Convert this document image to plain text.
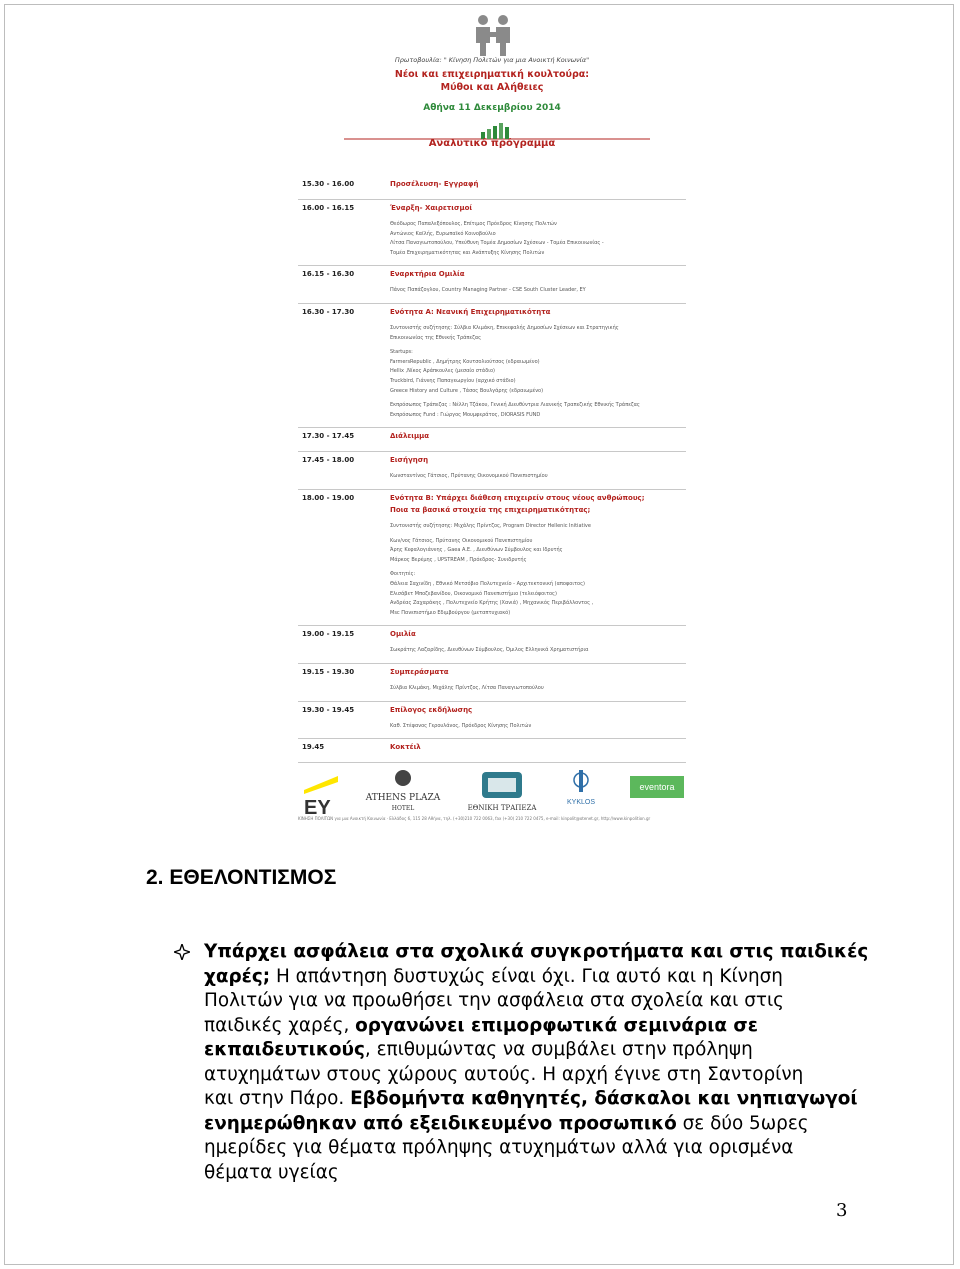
Πρωτοβουλία: " Κίνηση Πολιτών για μια Ανοικτή Κοινωνία"
Νέοι και επιχειρηματική κουλτούρα:
Μύθοι και Αλήθειες
Αθήνα 11 Δεκεμβρίου 2014
Αναλυτικό πρόγραμμα
15.30 - 16.00	Προσέλευση- Εγγραφή
16.00 - 16.15	Έναρξη- Χαιρετισμοί
Θεόδωρος Παπαλεξόπουλος, Επίτιμος Πρόεδρος Κίνησης Πολιτών
Αντώνιος Καϊλής, Ευρωπαϊκό Κοινοβούλιο
Λίτσα Παναγιωτοπούλου, Υπεύθυνη Τομέα Δημοσίων Σχέσεων - Τομέα Επικοινωνίας -
Τομέα Επιχειρηματικότητας και Ανάπτυξης Κίνησης Πολιτών
16.15 - 16.30	Εναρκτήρια Ομιλία
Πάνος Παπάζογλου, Country Managing Partner - CSE South Cluster Leader, EY
16.30 - 17.30	Ενότητα Α: Νεανική Επιχειρηματικότητα
Συντονιστής συζήτησης: Σύλβια Κλιμάκη, Επικεφαλής Δημοσίων Σχέσεων και Στρατηγικής
Επικοινωνίας της Εθνικής Τράπεζας
Startups:
FarmersRepublic , Δημήτρης Κουτσολιούτσος (εδραιωμένο)
Hellix ,Νίκος Αράπκουλες (μεσαίο στάδιο)
Truckbird, Γιάννης Παπαγεωργίου (αρχικό στάδιο)
Greece History and Culture , Τάσος Βουλγάρης (εδραιωμένο)
Εκπρόσωπος Τράπεζας : Νέλλη Τζάκου, Γενική Διευθύντρια Λιανικής Τραπεζικής Εθνικής Τράπεζας
Εκπρόσωπος Fund : Γιώργος Μουμφεράτος, DIORASIS FUND
17.30 - 17.45	Διάλειμμα
17.45 - 18.00	Εισήγηση
Κωνσταντίνος Γάτσιος, Πρύτανης Οικονομικού Πανεπιστημίου
18.00 - 19.00	Ενότητα Β: Υπάρχει διάθεση επιχειρείν στους νέους ανθρώπους;
Ποια τα βασικά στοιχεία της επιχειρηματικότητας;
Συντονιστής συζήτησης: Μιχάλης Πρίντζος, Program Director Hellenic Initiative
Κων/νος Γάτσιος, Πρύτανης Οικονομικού Πανεπιστημίου
Άρης Κεφαλογιάννης , Gaea A.E. , Διευθύνων Σύμβουλος και Ιδρυτής
Μάρκος Βερέμης , UPSTREAM , Πρόεδρος- Συνιδρυτής
Φοιτητές:
Θάλεια Σαχινίδη , Εθνικό Μετσόβιο Πολυτεχνείο - Αρχιτεκτονική (αποφοιτος)
Ελισάβετ Μποζεβανίδου, Οικονομικό Πανεπιστήμιο (τελειόφοιτος)
Ανδρέας Ζαχαράκης , Πολυτεχνείο Κρήτης (Χανιά) , Μηχανικός Περιβάλλοντος ,
Msc Πανεπιστήμιο Εδιμβούργου (μεταπτυχιακό)
19.00 - 19.15	Ομιλία
Σωκράτης Λαζαρίδης, Διευθύνων Σύμβουλος, Όμιλος Ελληνικά Χρηματιστήρια
19.15 - 19.30	Συμπεράσματα
Σύλβια Κλιμάκη, Μιχάλης Πρίντζος, Λίτσα Παναγιωτοπούλου
19.30 - 19.45	Επίλογος εκδήλωσης
Καθ. Στέφανος Γερουλάνος, Πρόεδρος Κίνησης Πολιτών
19.45	Κοκτέιλ
EY	ATHENS PLAZA
HOTEL	ΕΘΝΙΚΗ ΤΡΑΠΕΖΑ
KYKLOS
eventora
ΚΙΝΗΣΗ ΠΟΛΙΤΩΝ για μια Ανοικτή Κοινωνία · Ελλάδος 6, 115 28 Αθήνα, τηλ. (+30)210 722 0063, fax (+30) 210 722 0475, e-mail: kinpolit@otenet.gr, http://www.kinpolition.gr
2. ΕΘΕΛΟΝΤΙΣΜΟΣ
Υπάρχει ασφάλεια στα σχολικά συγκροτήματα και στις παιδικές
χαρές; Η απάντηση δυστυχώς είναι όχι. Για αυτό και η Κίνηση
Πολιτών για να προωθήσει την ασφάλεια στα σχολεία και στις
παιδικές χαρές, οργανώνει επιμορφωτικά σεμινάρια σε
εκπαιδευτικούς, επιθυμώντας να συμβάλει στην πρόληψη
ατυχημάτων στους χώρους αυτούς. Η αρχή έγινε στη Σαντορίνη
και στην Πάρο. Εβδομήντα καθηγητές, δάσκαλοι και νηπιαγωγοί
ενημερώθηκαν από εξειδικευμένο προσωπικό σε δύο 5ωρες
ημερίδες για θέματα πρόληψης ατυχημάτων αλλά για ορισμένα
θέματα υγείας
3
